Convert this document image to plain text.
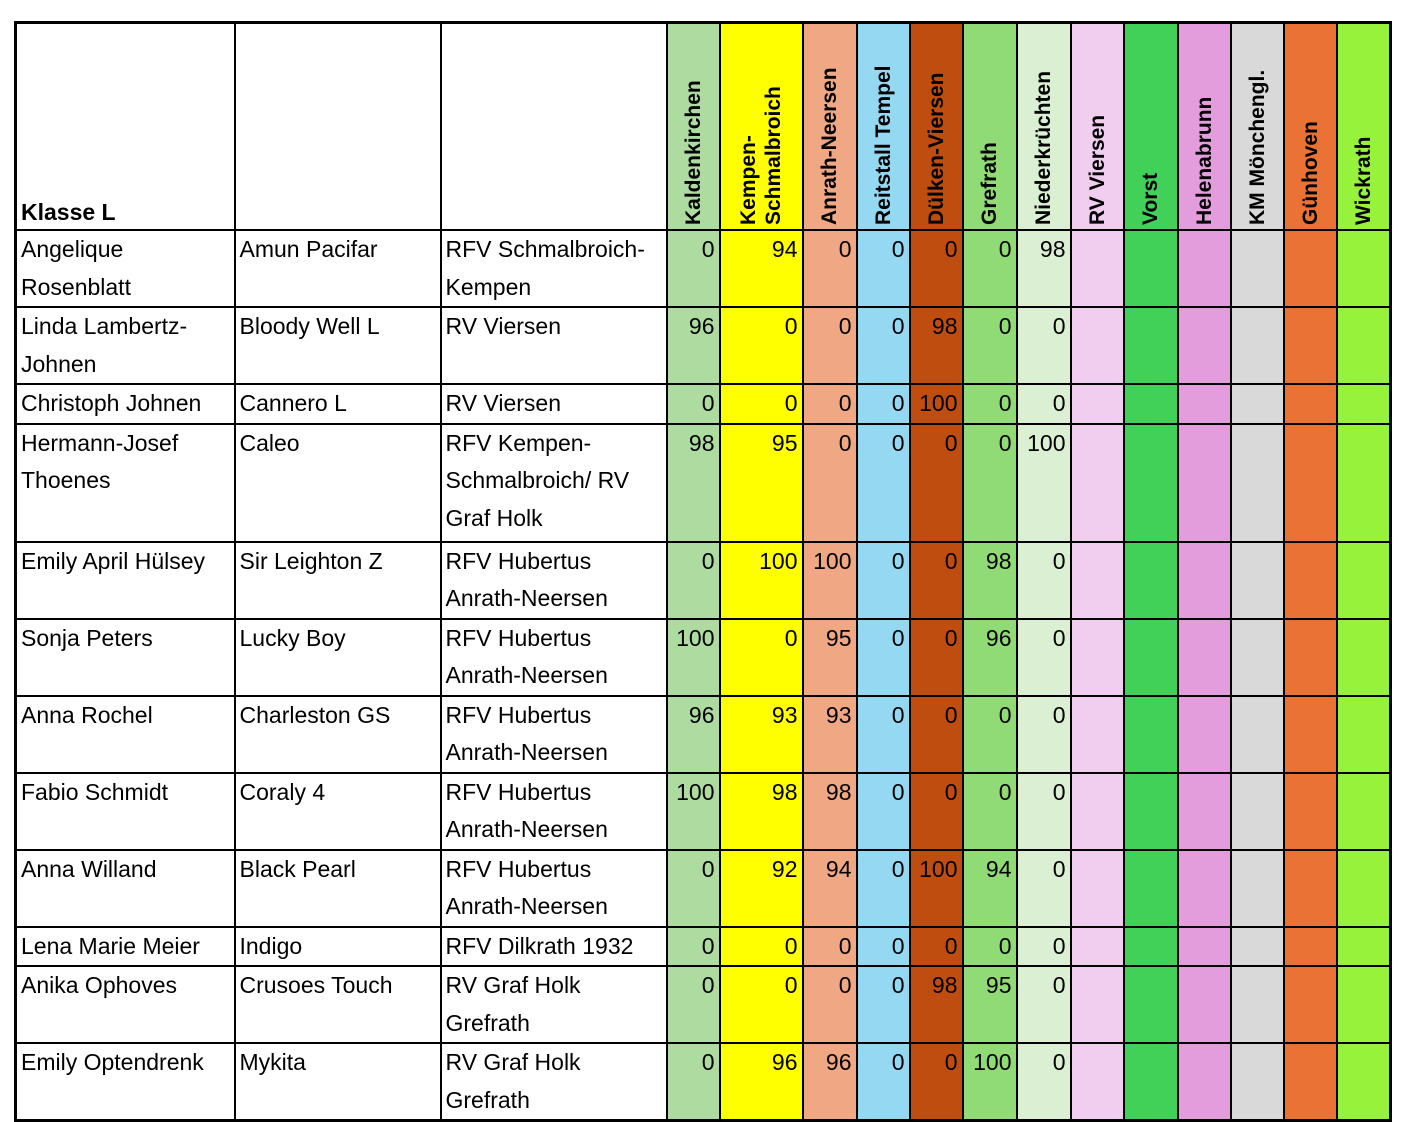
Klasse L			Kaldenkirchen	Kempen-
Schmalbroich	Anrath-Neersen	Reitstall Tempel	Dülken-Viersen	Grefrath	Niederkrüchten	RV Viersen	Vorst	Helenabrunn	KM Möncheng​l.	Günhoven	Wickrath

Angelique Rosenblatt	Amun Pacifar	RFV Schmalbroich-Kempen	0	94	0	0	0	0	98						
Linda Lambertz-Johnen	Bloody Well L	RV Viersen	96	0	0	0	98	0	0						
Christoph Johnen	Cannero L	RV Viersen	0	0	0	0	100	0	0						
Hermann-Josef Thoenes	Caleo	RFV Kempen-Schmalbroich/ RV Graf Holk	98	95	0	0	0	0	100						
Emily April Hülsey	Sir Leighton Z	RFV Hubertus Anrath-Neersen	0	100	100	0	0	98	0						
Sonja Peters	Lucky Boy	RFV Hubertus Anrath-Neersen	100	0	95	0	0	96	0						
Anna Rochel	Charleston GS	RFV Hubertus Anrath-Neersen	96	93	93	0	0	0	0						
Fabio Schmidt	Coraly 4	RFV Hubertus Anrath-Neersen	100	98	98	0	0	0	0						
Anna Willand	Black Pearl	RFV Hubertus Anrath-Neersen	0	92	94	0	100	94	0						
Lena Marie Meier	Indigo	RFV Dilkrath 1932	0	0	0	0	0	0	0						
Anika Ophoves	Crusoes Touch	RV Graf Holk Grefrath	0	0	0	0	98	95	0						
Emily Optendrenk	Mykita	RV Graf Holk Grefrath	0	96	96	0	0	100	0						
